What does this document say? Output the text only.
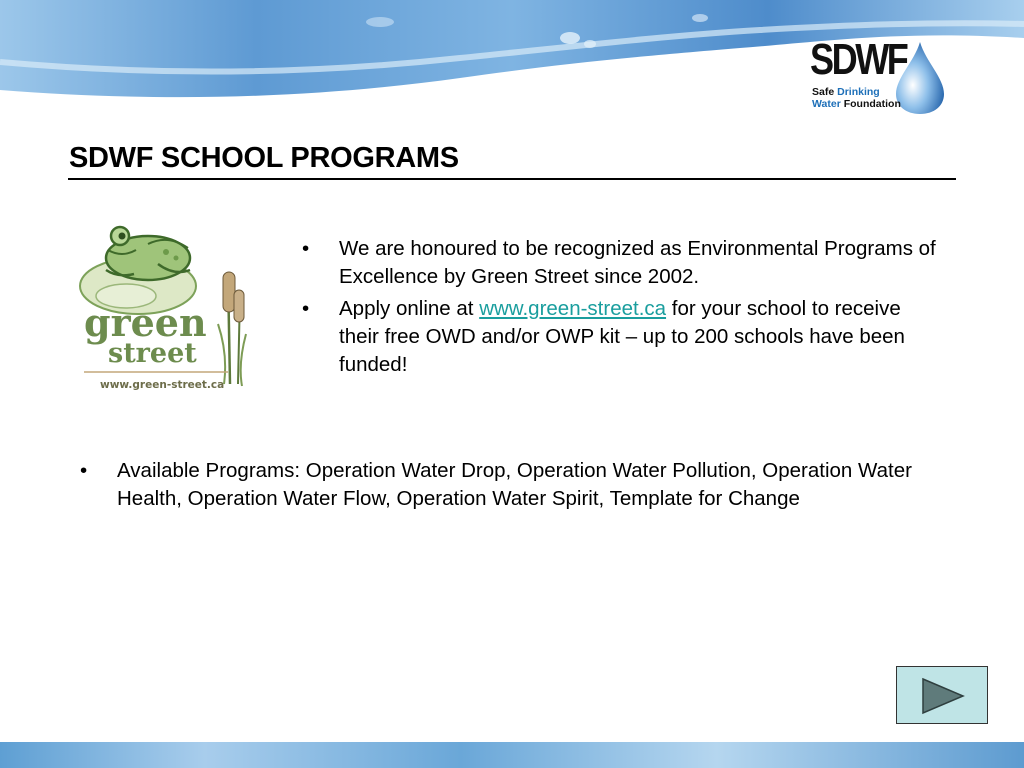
SDWF
Safe Drinking
Water Foundation
SDWF SCHOOL PROGRAMS
green
street
www.green-street.ca
• We are honoured to be recognized as Environmental Programs of Excellence by Green Street since 2002.
• Apply online at www.green-street.ca for your school to receive their free OWD and/or OWP kit – up to 200 schools have been funded!
• Available Programs: Operation Water Drop, Operation Water Pollution, Operation Water Health, Operation Water Flow, Operation Water Spirit, Template for Change
